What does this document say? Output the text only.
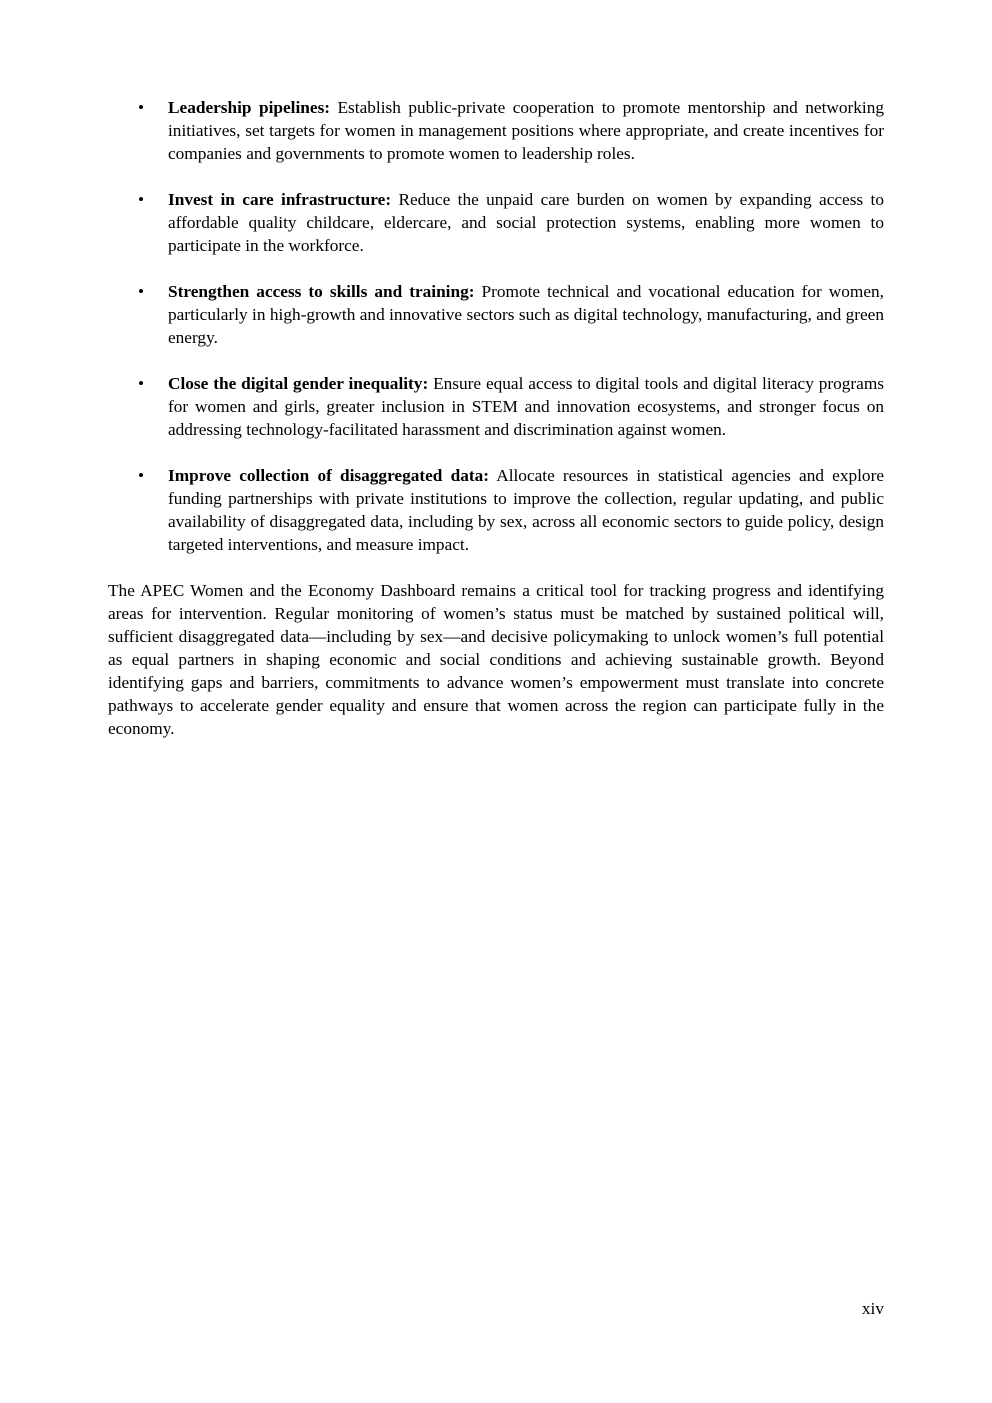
• Leadership pipelines: Establish public-private cooperation to promote mentorship and networking initiatives, set targets for women in management positions where appropriate, and create incentives for companies and governments to promote women to leadership roles.
• Invest in care infrastructure: Reduce the unpaid care burden on women by expanding access to affordable quality childcare, eldercare, and social protection systems, enabling more women to participate in the workforce.
• Strengthen access to skills and training: Promote technical and vocational education for women, particularly in high-growth and innovative sectors such as digital technology, manufacturing, and green energy.
• Close the digital gender inequality: Ensure equal access to digital tools and digital literacy programs for women and girls, greater inclusion in STEM and innovation ecosystems, and stronger focus on addressing technology-facilitated harassment and discrimination against women.
• Improve collection of disaggregated data: Allocate resources in statistical agencies and explore funding partnerships with private institutions to improve the collection, regular updating, and public availability of disaggregated data, including by sex, across all economic sectors to guide policy, design targeted interventions, and measure impact.

The APEC Women and the Economy Dashboard remains a critical tool for tracking progress and identifying areas for intervention. Regular monitoring of women’s status must be matched by sustained political will, sufficient disaggregated data—including by sex—and decisive policymaking to unlock women’s full potential as equal partners in shaping economic and social conditions and achieving sustainable growth. Beyond identifying gaps and barriers, commitments to advance women’s empowerment must translate into concrete pathways to accelerate gender equality and ensure that women across the region can participate fully in the economy.

xiv
